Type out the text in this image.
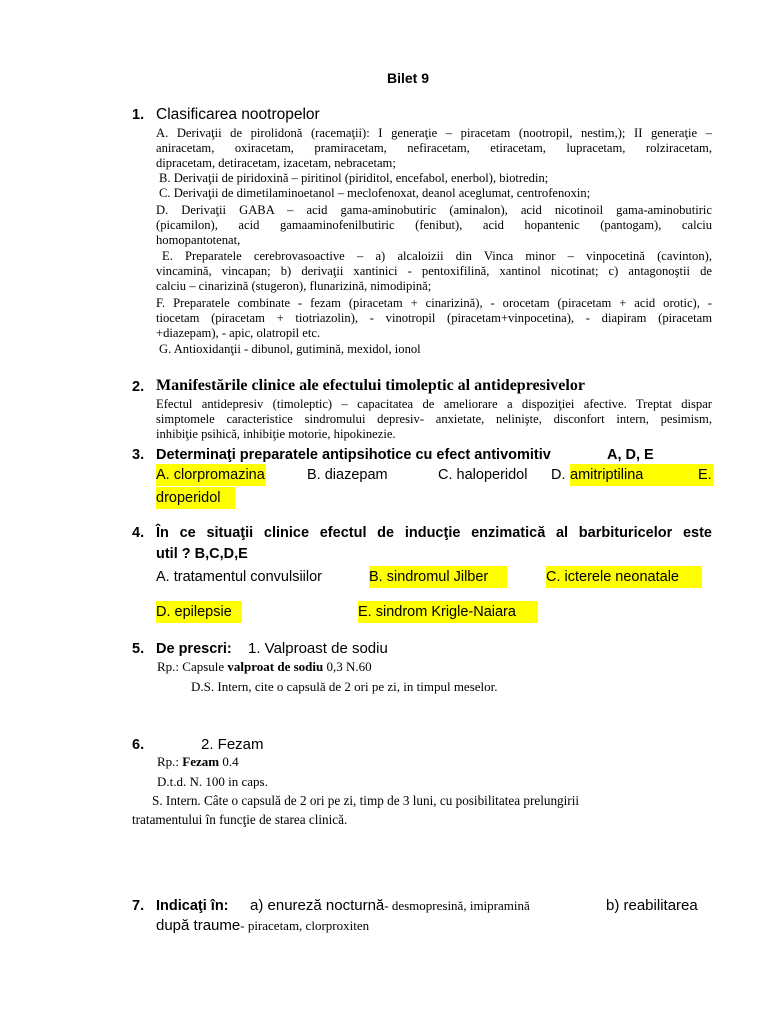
Bilet 9
1. Clasificarea nootropelor
A. Derivaţii de pirolidonă (racemaţii): I generaţie – piracetam (nootropil, nestim,); II generaţie –
aniracetam, oxiracetam, pramiracetam, nefiracetam, etiracetam, lupracetam, rolziracetam,
dipracetam, detiracetam, izacetam, nebracetam;
B. Derivaţii de piridoxină – piritinol (piriditol, encefabol, enerbol), biotredin;
C. Derivaţii de dimetilaminoetanol – meclofenoxat, deanol aceglumat, centrofenoxin;
D. Derivaţii GABA – acid gama-aminobutiric (aminalon), acid nicotinoil gama-aminobutiric
(picamilon), acid gamaaminofenilbutiric (fenibut), acid hopantenic (pantogam), calciu
homopantotenat,
E. Preparatele cerebrovasoactive – a) alcaloizii din Vinca minor – vinpocetină (cavinton),
vincamină, vincapan; b) derivaţii xantinici - pentoxifilină, xantinol nicotinat; c) antagonoştii de
calciu – cinarizină (stugeron), flunarizină, nimodipină;
F. Preparatele combinate - fezam (piracetam + cinarizină), - orocetam (piracetam + acid orotic), -
tiocetam (piracetam + tiotriazolin), - vinotropil (piracetam+vinpocetina), - diapiram (piracetam
+diazepam), - apic, olatropil etc.
G. Antioxidanţii - dibunol, gutimină, mexidol, ionol
2. Manifestările clinice ale efectului timoleptic al antidepresivelor
Efectul antidepresiv (timoleptic) – capacitatea de ameliorare a dispoziţiei afective. Treptat dispar
simptomele caracteristice sindromului depresiv- anxietate, nelinişte, disconfort intern, pesimism,
inhibiţie psihică, inhibiţie motorie, hipokinezie.
3. Determinaţi preparatele antipsihotice cu efect antivomitiv	A, D, E
A. clorpromazina	B. diazepam	C. haloperidol D. amitriptilina	E.
droperidol
4. În ce situaţii clinice efectul de inducţie enzimatică al barbituricelor este
util ? B,C,D,E
A. tratamentul convulsiilor	B. sindromul Jilber	C. icterele neonatale
D. epilepsie	E. sindrom Krigle-Naiara
5. De prescri: 1. Valproast de sodiu
Rp.: Capsule valproat de sodiu 0,3 N.60
D.S. Intern, cite o capsulă de 2 ori pe zi, in timpul meselor.
6.	2. Fezam
Rp.: Fezam 0.4
D.t.d. N. 100 in caps.
S. Intern. Câte o capsulă de 2 ori pe zi, timp de 3 luni, cu posibilitatea prelungirii
tratamentului în funcţie de starea clinică.
7. Indicaţi în: a) enureză nocturnă- desmopresină, imipramină	b) reabilitarea
după traume- piracetam, clorproxiten
